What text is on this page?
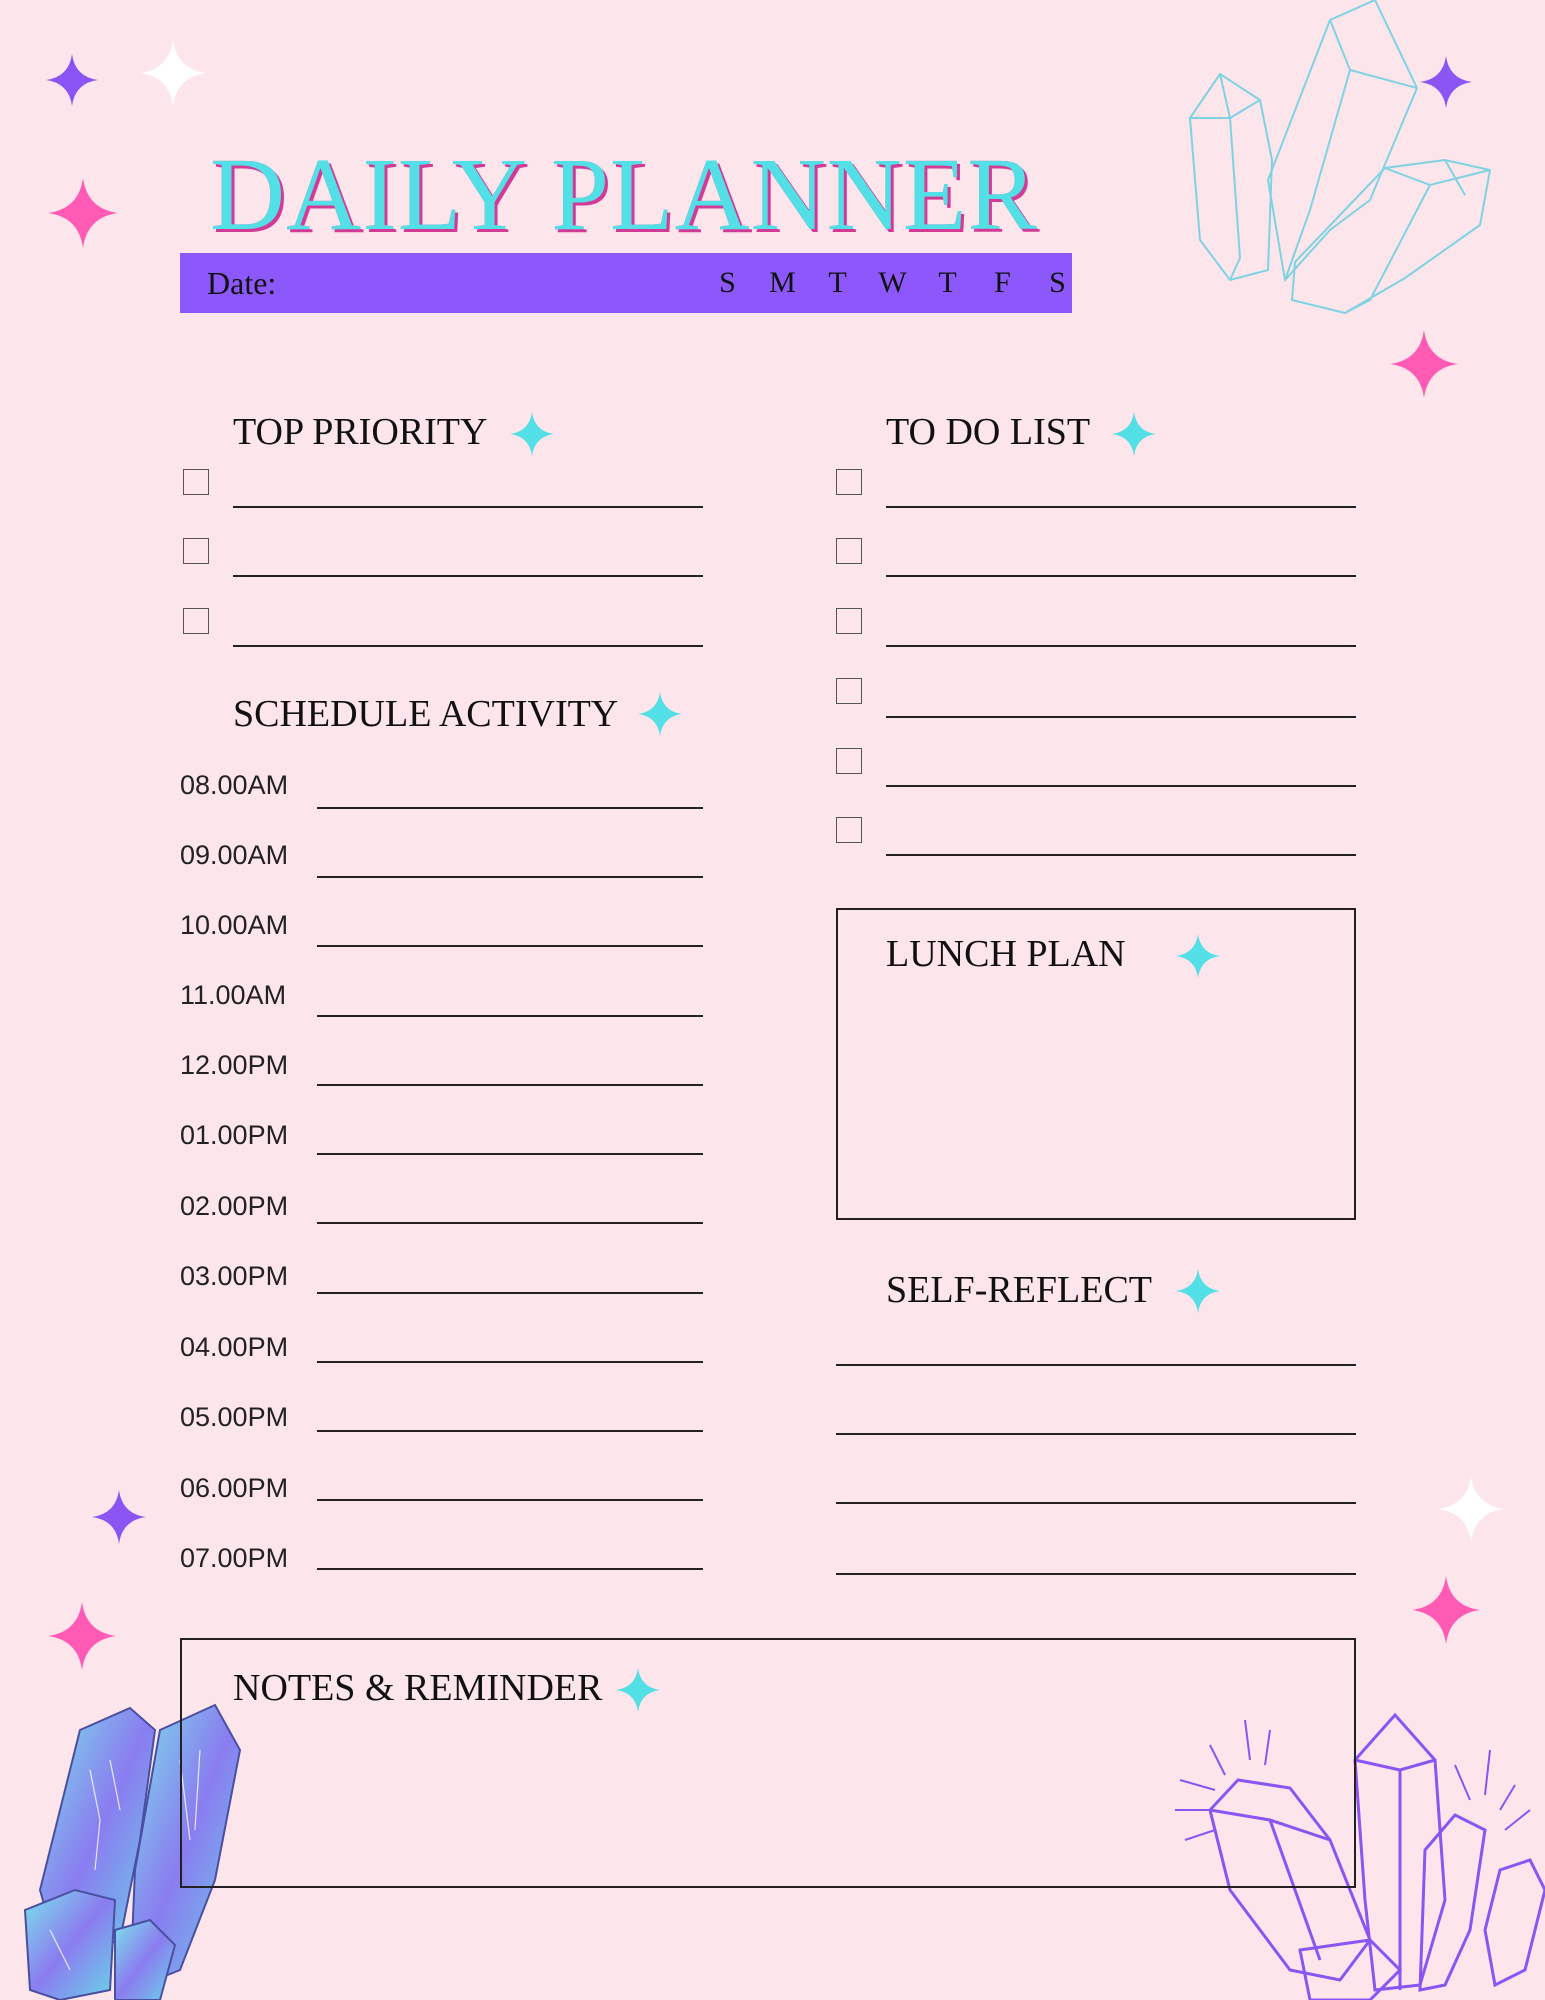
DAILY PLANNER
Date:	S	M	T	W	T	F	S
TOP PRIORITY
SCHEDULE ACTIVITY
08.00AM
09.00AM
10.00AM
11.00AM
12.00PM
01.00PM
02.00PM
03.00PM
04.00PM
05.00PM
06.00PM
07.00PM
TO DO LIST
LUNCH PLAN
SELF-REFLECT
NOTES & REMINDER
